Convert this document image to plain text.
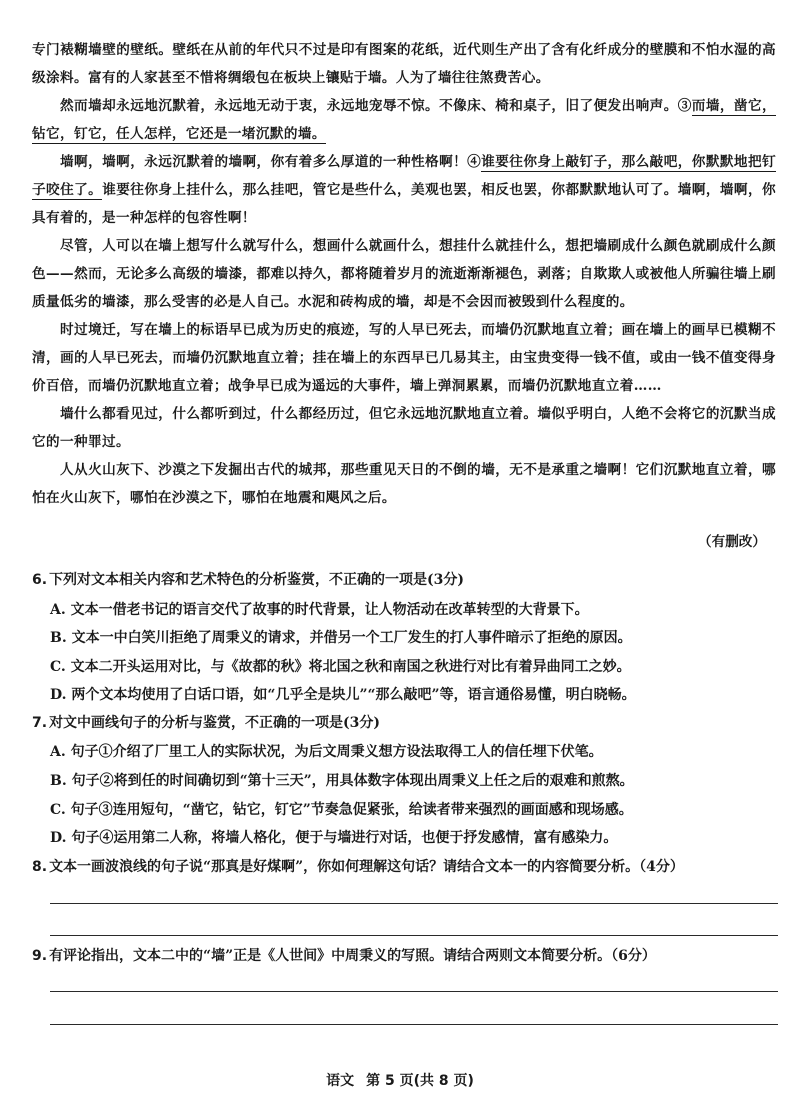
专门裱糊墙壁的壁纸。壁纸在从前的年代只不过是印有图案的花纸，近代则生产出了含有化纤成分的壁膜和不怕水湿的高级涂料。富有的人家甚至不惜将绸缎包在板块上镶贴于墙。人为了墙往往煞费苦心。

然而墙却永远地沉默着，永远地无动于衷，永远地宠辱不惊。不像床、椅和桌子，旧了便发出响声。③而墙，凿它，钻它，钉它，任人怎样，它还是一堵沉默的墙。

墙啊，墙啊，永远沉默着的墙啊，你有着多么厚道的一种性格啊！④谁要往你身上敲钉子，那么敲吧，你默默地把钉子咬住了。谁要往你身上挂什么，那么挂吧，管它是些什么，美观也罢，相反也罢，你都默默地认可了。墙啊，墙啊，你具有着的，是一种怎样的包容性啊！

尽管，人可以在墙上想写什么就写什么，想画什么就画什么，想挂什么就挂什么，想把墙刷成什么颜色就刷成什么颜色——然而，无论多么高级的墙漆，都难以持久，都将随着岁月的流逝渐渐褪色，剥落；自欺欺人或被他人所骗往墙上刷质量低劣的墙漆，那么受害的必是人自己。水泥和砖构成的墙，却是不会因而被毁到什么程度的。

时过境迁，写在墙上的标语早已成为历史的痕迹，写的人早已死去，而墙仍沉默地直立着；画在墙上的画早已模糊不清，画的人早已死去，而墙仍沉默地直立着；挂在墙上的东西早已几易其主，由宝贵变得一钱不值，或由一钱不值变得身价百倍，而墙仍沉默地直立着；战争早已成为遥远的大事件，墙上弹洞累累，而墙仍沉默地直立着……

墙什么都看见过，什么都听到过，什么都经历过，但它永远地沉默地直立着。墙似乎明白，人绝不会将它的沉默当成它的一种罪过。

人从火山灰下、沙漠之下发掘出古代的城邦，那些重见天日的不倒的墙，无不是承重之墙啊！它们沉默地直立着，哪怕在火山灰下，哪怕在沙漠之下，哪怕在地震和飓风之后。

（有删改）

6. 下列对文本相关内容和艺术特色的分析鉴赏，不正确的一项是(3分)

A. 文本一借老书记的语言交代了故事的时代背景，让人物活动在改革转型的大背景下。

B. 文本一中白笑川拒绝了周秉义的请求，并借另一个工厂发生的打人事件暗示了拒绝的原因。

C. 文本二开头运用对比，与《故都的秋》将北国之秋和南国之秋进行对比有着异曲同工之妙。

D. 两个文本均使用了白话口语，如“几乎全是块儿”“那么敲吧”等，语言通俗易懂，明白晓畅。

7. 对文中画线句子的分析与鉴赏，不正确的一项是(3分)

A. 句子①介绍了厂里工人的实际状况，为后文周秉义想方设法取得工人的信任埋下伏笔。

B. 句子②将到任的时间确切到“第十三天”，用具体数字体现出周秉义上任之后的艰难和煎熬。

C. 句子③连用短句，“凿它，钻它，钉它”节奏急促紧张，给读者带来强烈的画面感和现场感。

D. 句子④运用第二人称，将墙人格化，便于与墙进行对话，也便于抒发感情，富有感染力。

8. 文本一画波浪线的句子说“那真是好煤啊”，你如何理解这句话？请结合文本一的内容简要分析。（4分）

9. 有评论指出，文本二中的“墙”正是《人世间》中周秉义的写照。请结合两则文本简要分析。（6分）

语文 第 5 页(共 8 页)
